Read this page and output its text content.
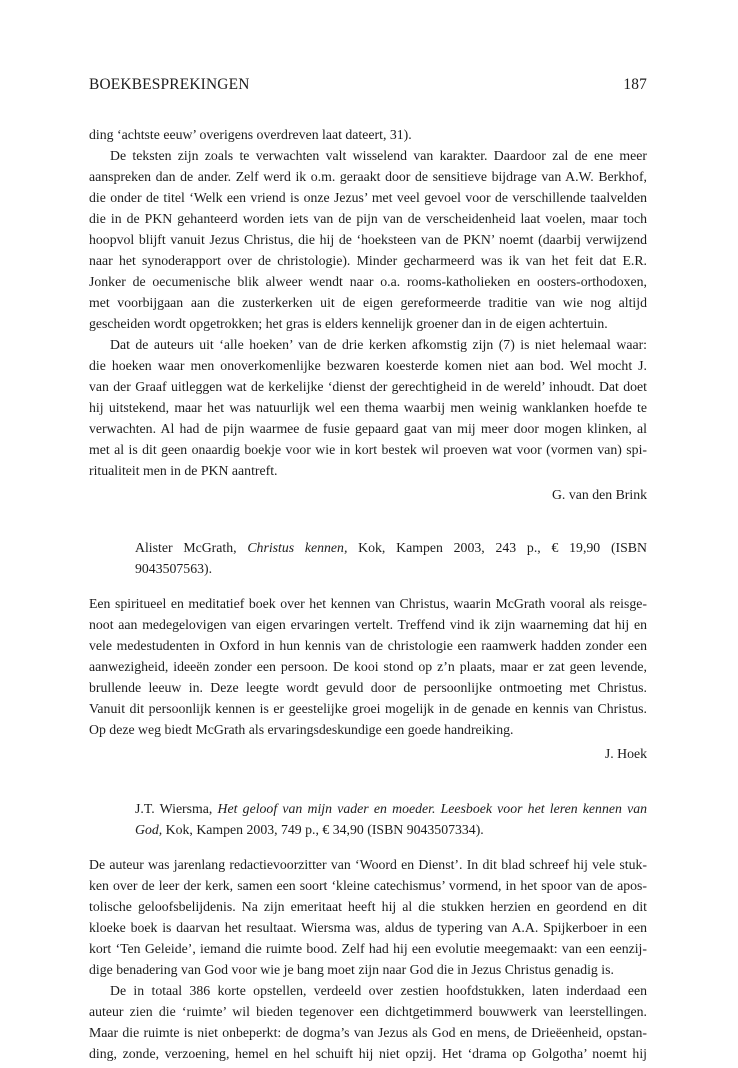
BOEKBESPREKINGEN	187
ding ‘achtste eeuw’ overigens overdreven laat dateert, 31).
De teksten zijn zoals te verwachten valt wisselend van karakter. Daardoor zal de ene meer
aanspreken dan de ander. Zelf werd ik o.m. geraakt door de sensitieve bijdrage van A.W. Berkhof,
die onder de titel ‘Welk een vriend is onze Jezus’ met veel gevoel voor de verschillende taalvelden
die in de PKN gehanteerd worden iets van de pijn van de verscheidenheid laat voelen, maar toch
hoopvol blijft vanuit Jezus Christus, die hij de ‘hoeksteen van de PKN’ noemt (daarbij verwijzend
naar het synoderapport over de christologie). Minder gecharmeerd was ik van het feit dat E.R.
Jonker de oecumenische blik alweer wendt naar o.a. rooms-katholieken en oosters-orthodoxen,
met voorbijgaan aan die zusterkerken uit de eigen gereformeerde traditie van wie nog altijd
gescheiden wordt opgetrokken; het gras is elders kennelijk groener dan in de eigen achtertuin.
Dat de auteurs uit ‘alle hoeken’ van de drie kerken afkomstig zijn (7) is niet helemaal waar:
die hoeken waar men onoverkomenlijke bezwaren koesterde komen niet aan bod. Wel mocht J.
van der Graaf uitleggen wat de kerkelijke ‘dienst der gerechtigheid in de wereld’ inhoudt. Dat doet
hij uitstekend, maar het was natuurlijk wel een thema waarbij men weinig wanklanken hoefde te
verwachten. Al had de pijn waarmee de fusie gepaard gaat van mij meer door mogen klinken, al
met al is dit geen onaardig boekje voor wie in kort bestek wil proeven wat voor (vormen van) spi-
ritualiteit men in de PKN aantreft.
G. van den Brink
Alister McGrath, Christus kennen, Kok, Kampen 2003, 243 p., € 19,90 (ISBN
9043507563).
Een spiritueel en meditatief boek over het kennen van Christus, waarin McGrath vooral als reisge-
noot aan medegelovigen van eigen ervaringen vertelt. Treffend vind ik zijn waarneming dat hij en
vele medestudenten in Oxford in hun kennis van de christologie een raamwerk hadden zonder een
aanwezigheid, ideeën zonder een persoon. De kooi stond op z’n plaats, maar er zat geen levende,
brullende leeuw in. Deze leegte wordt gevuld door de persoonlijke ontmoeting met Christus.
Vanuit dit persoonlijk kennen is er geestelijke groei mogelijk in de genade en kennis van Christus.
Op deze weg biedt McGrath als ervaringsdeskundige een goede handreiking.
J. Hoek
J.T. Wiersma, Het geloof van mijn vader en moeder. Leesboek voor het leren kennen van
God, Kok, Kampen 2003, 749 p., € 34,90 (ISBN 9043507334).
De auteur was jarenlang redactievoorzitter van ‘Woord en Dienst’. In dit blad schreef hij vele stuk-
ken over de leer der kerk, samen een soort ‘kleine catechismus’ vormend, in het spoor van de apos-
tolische geloofsbelijdenis. Na zijn emeritaat heeft hij al die stukken herzien en geordend en dit
kloeke boek is daarvan het resultaat. Wiersma was, aldus de typering van A.A. Spijkerboer in een
kort ‘Ten Geleide’, iemand die ruimte bood. Zelf had hij een evolutie meegemaakt: van een eenzij-
dige benadering van God voor wie je bang moet zijn naar God die in Jezus Christus genadig is.
De in totaal 386 korte opstellen, verdeeld over zestien hoofdstukken, laten inderdaad een
auteur zien die ‘ruimte’ wil bieden tegenover een dichtgetimmerd bouwwerk van leerstellingen.
Maar die ruimte is niet onbeperkt: de dogma’s van Jezus als God en mens, de Drieëenheid, opstan-
ding, zonde, verzoening, hemel en hel schuift hij niet opzij. Het ‘drama op Golgotha’ noemt hij
